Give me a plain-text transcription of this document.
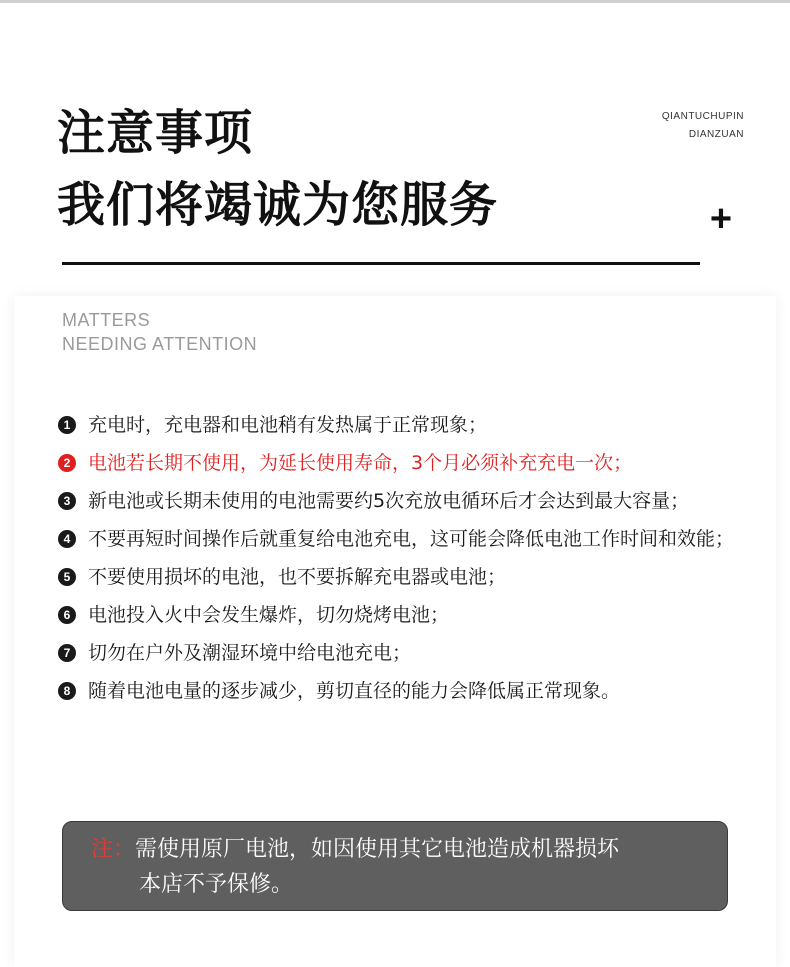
注意事项
我们将竭诚为您服务
QIANTUCHUPIN
DIANZUAN
+
MATTERS
NEEDING ATTENTION
1 充电时，充电器和电池稍有发热属于正常现象；
2 电池若长期不使用，为延长使用寿命，3个月必须补充充电一次；
3 新电池或长期未使用的电池需要约5次充放电循环后才会达到最大容量；
4 不要再短时间操作后就重复给电池充电，这可能会降低电池工作时间和效能；
5 不要使用损坏的电池，也不要拆解充电器或电池；
6 电池投入火中会发生爆炸，切勿烧烤电池；
7 切勿在户外及潮湿环境中给电池充电；
8 随着电池电量的逐步减少，剪切直径的能力会降低属正常现象。
注：需使用原厂电池，如因使用其它电池造成机器损坏
本店不予保修。
